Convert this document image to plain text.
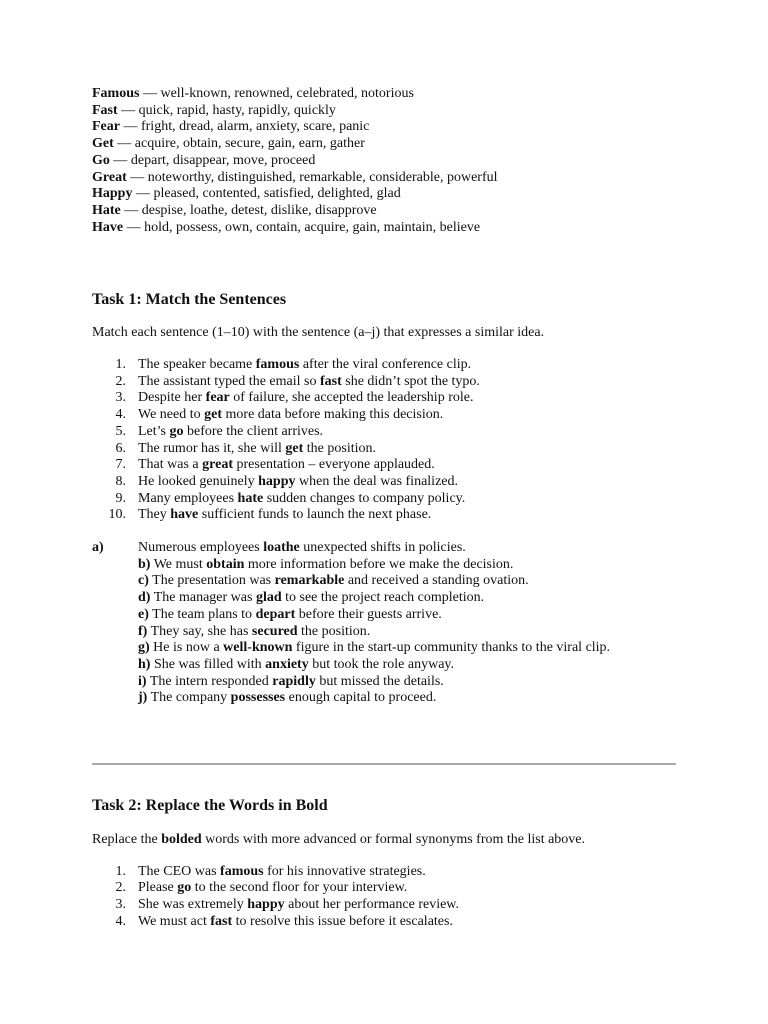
Famous — well-known, renowned, celebrated, notorious
Fast — quick, rapid, hasty, rapidly, quickly
Fear — fright, dread, alarm, anxiety, scare, panic
Get — acquire, obtain, secure, gain, earn, gather
Go — depart, disappear, move, proceed
Great — noteworthy, distinguished, remarkable, considerable, powerful
Happy — pleased, contented, satisfied, delighted, glad
Hate — despise, loathe, detest, dislike, disapprove
Have — hold, possess, own, contain, acquire, gain, maintain, believe
Task 1: Match the Sentences
Match each sentence (1–10) with the sentence (a–j) that expresses a similar idea.
1. The speaker became famous after the viral conference clip.
2. The assistant typed the email so fast she didn’t spot the typo.
3. Despite her fear of failure, she accepted the leadership role.
4. We need to get more data before making this decision.
5. Let’s go before the client arrives.
6. The rumor has it, she will get the position.
7. That was a great presentation – everyone applauded.
8. He looked genuinely happy when the deal was finalized.
9. Many employees hate sudden changes to company policy.
10. They have sufficient funds to launch the next phase.
a) Numerous employees loathe unexpected shifts in policies.
b) We must obtain more information before we make the decision.
c) The presentation was remarkable and received a standing ovation.
d) The manager was glad to see the project reach completion.
e) The team plans to depart before their guests arrive.
f) They say, she has secured the position.
g) He is now a well-known figure in the start-up community thanks to the viral clip.
h) She was filled with anxiety but took the role anyway.
i) The intern responded rapidly but missed the details.
j) The company possesses enough capital to proceed.
Task 2: Replace the Words in Bold
Replace the bolded words with more advanced or formal synonyms from the list above.
1. The CEO was famous for his innovative strategies.
2. Please go to the second floor for your interview.
3. She was extremely happy about her performance review.
4. We must act fast to resolve this issue before it escalates.
